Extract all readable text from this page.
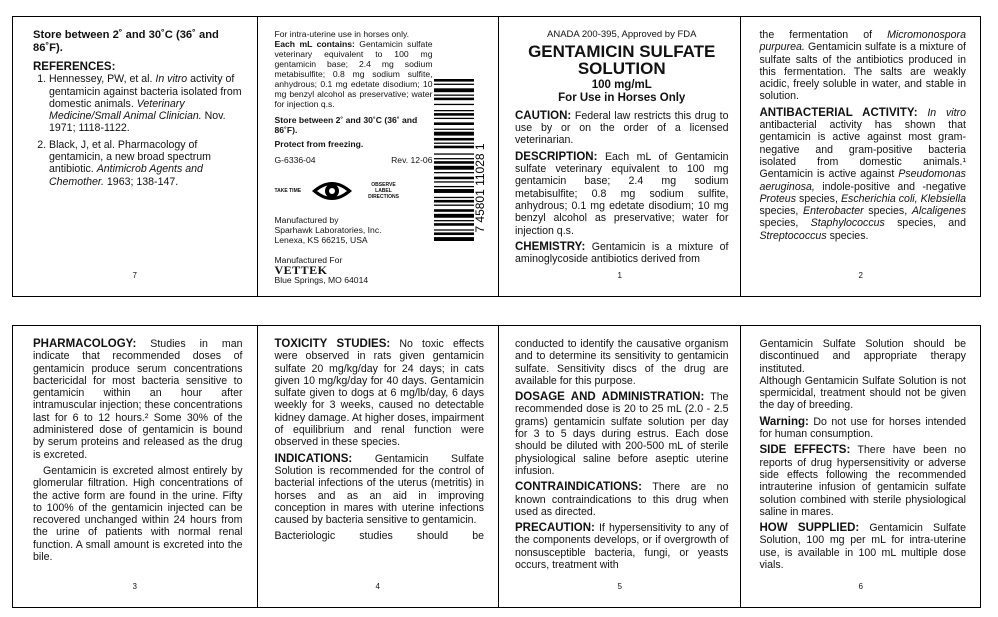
Store between 2˚ and 30˚C (36˚ and 86˚F).

REFERENCES:
1. Hennessey, PW, et al. In vitro activity of gentamicin against bacteria isolated from domestic animals. Veterinary Medicine/Small Animal Clinician. Nov. 1971; 1118-1122.
2. Black, J, et al. Pharmacology of gentamicin, a new broad spectrum antibiotic. Antimicrob Agents and Chemother. 1963; 138-147.
7
For intra-uterine use in horses only.
Each mL contains: Gentamicin sulfate veterinary equivalent to 100 mg gentamicin base; 2.4 mg sodium metabisulfite; 0.8 mg sodium sulfite, anhydrous; 0.1 mg edetate disodium; 10 mg benzyl alcohol as preservative; water for injection q.s.
Store between 2˚ and 30˚C (36˚ and 86˚F).
Protect from freezing.
G-6336-04	Rev. 12-06
TAKE TIME
OBSERVE LABEL DIRECTIONS
Manufactured by
Sparhawk Laboratories, Inc.
Lenexa, KS 66215, USA
Manufactured For
VETTEK
Blue Springs, MO 64014
7 45801 11028 1
ANADA 200-395, Approved by FDA
GENTAMICIN SULFATE SOLUTION
100 mg/mL
For Use in Horses Only

CAUTION: Federal law restricts this drug to use by or on the order of a licensed veterinarian.

DESCRIPTION: Each mL of Gentamicin sulfate veterinary equivalent to 100 mg gentamicin base; 2.4 mg sodium metabisulfite; 0.8 mg sodium sulfite, anhydrous; 0.1 mg edetate disodium; 10 mg benzyl alcohol as preservative; water for injection q.s.

CHEMISTRY: Gentamicin is a mixture of aminoglycoside antibiotics derived from

1

the fermentation of Micromonospora purpurea. Gentamicin sulfate is a mixture of sulfate salts of the antibiotics produced in this fermentation. The salts are weakly acidic, freely soluble in water, and stable in solution.

ANTIBACTERIAL ACTIVITY: In vitro antibacterial activity has shown that gentamicin is active against most gram-negative and gram-positive bacteria isolated from domestic animals.¹ Gentamicin is active against Pseudomonas aeruginosa, indole-positive and -negative Proteus species, Escherichia coli, Klebsiella species, Enterobacter species, Alcaligenes species, Staphylococcus species, and Streptococcus species.

2

PHARMACOLOGY: Studies in man indicate that recommended doses of gentamicin produce serum concentrations bactericidal for most bacteria sensitive to gentamicin within an hour after intramuscular injection; these concentrations last for 6 to 12 hours.² Some 30% of the administered dose of gentamicin is bound by serum proteins and released as the drug is excreted.

Gentamicin is excreted almost entirely by glomerular filtration. High concentrations of the active form are found in the urine. Fifty to 100% of the gentamicin injected can be recovered unchanged within 24 hours from the urine of patients with normal renal function. A small amount is excreted into the bile.

3

TOXICITY STUDIES: No toxic effects were observed in rats given gentamicin sulfate 20 mg/kg/day for 24 days; in cats given 10 mg/kg/day for 40 days. Gentamicin sulfate given to dogs at 6 mg/lb/day, 6 days weekly for 3 weeks, caused no detectable kidney damage. At higher doses, impairment of equilibrium and renal function were observed in these species.

INDICATIONS: Gentamicin Sulfate Solution is recommended for the control of bacterial infections of the uterus (metritis) in horses and as an aid in improving conception in mares with uterine infections caused by bacteria sensitive to gentamicin.

Bacteriologic studies should be

4

conducted to identify the causative organism and to determine its sensitivity to gentamicin sulfate. Sensitivity discs of the drug are available for this purpose.

DOSAGE AND ADMINISTRATION: The recommended dose is 20 to 25 mL (2.0 - 2.5 grams) gentamicin sulfate solution per day for 3 to 5 days during estrus. Each dose should be diluted with 200-500 mL of sterile physiological saline before aseptic uterine infusion.

CONTRAINDICATIONS: There are no known contraindications to this drug when used as directed.

PRECAUTION: If hypersensitivity to any of the components develops, or if overgrowth of nonsusceptible bacteria, fungi, or yeasts occurs, treatment with

5

Gentamicin Sulfate Solution should be discontinued and appropriate therapy instituted.

Although Gentamicin Sulfate Solution is not spermicidal, treatment should not be given the day of breeding.

Warning: Do not use for horses intended for human consumption.

SIDE EFFECTS: There have been no reports of drug hypersensitivity or adverse side effects following the recommended intrauterine infusion of gentamicin sulfate solution combined with sterile physiological saline in mares.

HOW SUPPLIED: Gentamicin Sulfate Solution, 100 mg per mL for intra-uterine use, is available in 100 mL multiple dose vials.

6
